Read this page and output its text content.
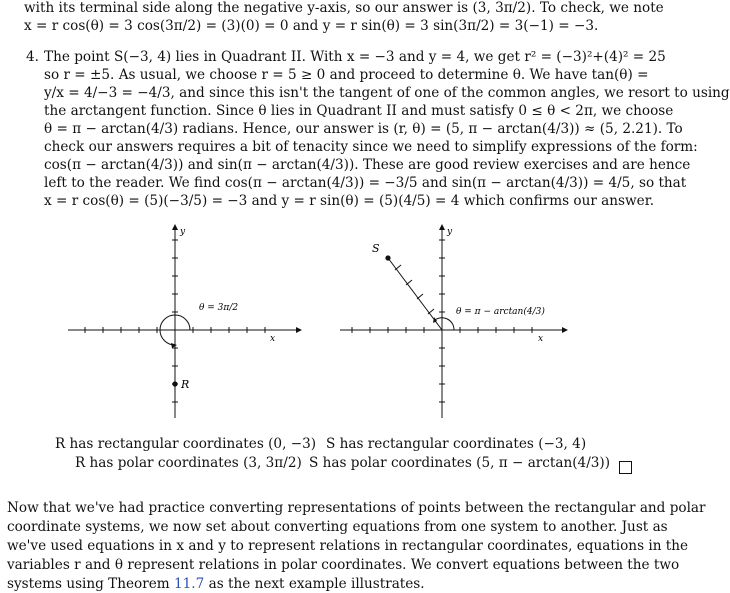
with its terminal side along the negative y-axis, so our answer is (3, 3π/2). To check, we note
x = r cos(θ) = 3 cos(3π/2) = (3)(0) = 0 and y = r sin(θ) = 3 sin(3π/2) = 3(−1) = −3.
4. The point S(−3, 4) lies in Quadrant II. With x = −3 and y = 4, we get r² = (−3)²+(4)² = 25
so r = ±5. As usual, we choose r = 5 ≥ 0 and proceed to determine θ. We have tan(θ) =
y/x = 4/−3 = −4/3, and since this isn't the tangent of one of the common angles, we resort to using
the arctangent function. Since θ lies in Quadrant II and must satisfy 0 ≤ θ < 2π, we choose
θ = π − arctan(4/3) radians. Hence, our answer is (r, θ) = (5, π − arctan(4/3)) ≈ (5, 2.21). To
check our answers requires a bit of tenacity since we need to simplify expressions of the form:
cos(π − arctan(4/3)) and sin(π − arctan(4/3)). These are good review exercises and are hence
left to the reader. We find cos(π − arctan(4/3)) = −3/5 and sin(π − arctan(4/3)) = 4/5, so that
x = r cos(θ) = (5)(−3/5) = −3 and y = r sin(θ) = (5)(4/5) = 4 which confirms our answer.
R
y
x
θ = 3π/2
S
y
x
θ = π − arctan(4/3)
R has rectangular coordinates (0, −3)
R has polar coordinates (3, 3π/2)
S has rectangular coordinates (−3, 4)
S has polar coordinates (5, π − arctan(4/3))
Now that we've had practice converting representations of points between the rectangular and polar
coordinate systems, we now set about converting equations from one system to another. Just as
we've used equations in x and y to represent relations in rectangular coordinates, equations in the
variables r and θ represent relations in polar coordinates. We convert equations between the two
systems using Theorem 11.7 as the next example illustrates.
